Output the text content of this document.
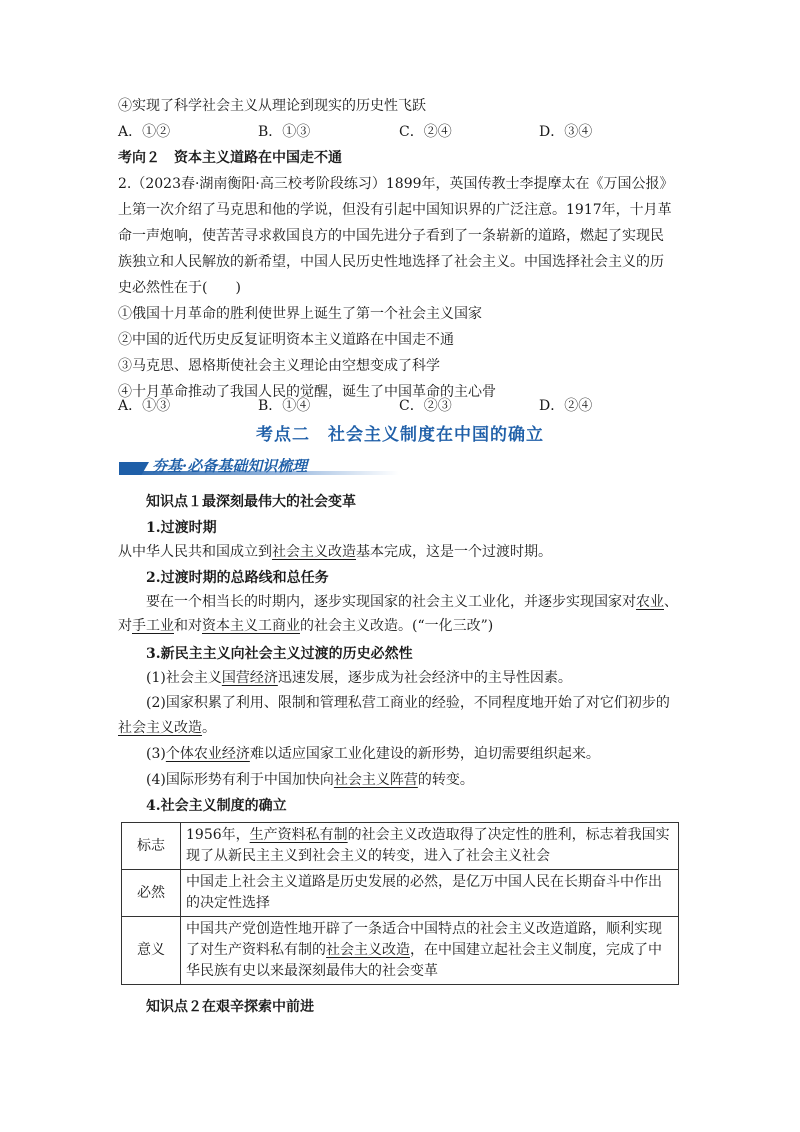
④实现了科学社会主义从理论到现实的历史性飞跃
A．①②	B．①③	C．②④	D．③④
考向２　资本主义道路在中国走不通
2.（2023春·湖南衡阳·高三校考阶段练习）1899年，英国传教士李提摩太在《万国公报》
上第一次介绍了马克思和他的学说，但没有引起中国知识界的广泛注意。1917年，十月革
命一声炮响，使苦苦寻求救国良方的中国先进分子看到了一条崭新的道路，燃起了实现民
族独立和人民解放的新希望，中国人民历史性地选择了社会主义。中国选择社会主义的历
史必然性在于(　　)
①俄国十月革命的胜利使世界上诞生了第一个社会主义国家
②中国的近代历史反复证明资本主义道路在中国走不通
③马克思、恩格斯使社会主义理论由空想变成了科学
④十月革命推动了我国人民的觉醒，诞生了中国革命的主心骨
A．①③	B．①④	C．②③	D．②④
考点二　社会主义制度在中国的确立
夯基·必备基础知识梳理
知识点１最深刻最伟大的社会变革
1.过渡时期
从中华人民共和国成立到社会主义改造基本完成，这是一个过渡时期。
2.过渡时期的总路线和总任务
要在一个相当长的时期内，逐步实现国家的社会主义工业化，并逐步实现国家对农业、
对手工业和对资本主义工商业的社会主义改造。(“一化三改”)
3.新民主主义向社会主义过渡的历史必然性
(1)社会主义国营经济迅速发展，逐步成为社会经济中的主导性因素。
(2)国家积累了利用、限制和管理私营工商业的经验，不同程度地开始了对它们初步的
社会主义改造。
(3)个体农业经济难以适应国家工业化建设的新形势，迫切需要组织起来。
(4)国际形势有利于中国加快向社会主义阵营的转变。
4.社会主义制度的确立
标志	1956年，生产资料私有制的社会主义改造取得了决定性的胜利，标志着我国实现了从新民主主义到社会主义的转变，进入了社会主义社会
必然	中国走上社会主义道路是历史发展的必然，是亿万中国人民在长期奋斗中作出的决定性选择
意义	中国共产党创造性地开辟了一条适合中国特点的社会主义改造道路，顺利实现了对生产资料私有制的社会主义改造，在中国建立起社会主义制度，完成了中华民族有史以来最深刻最伟大的社会变革
知识点２在艰辛探索中前进
